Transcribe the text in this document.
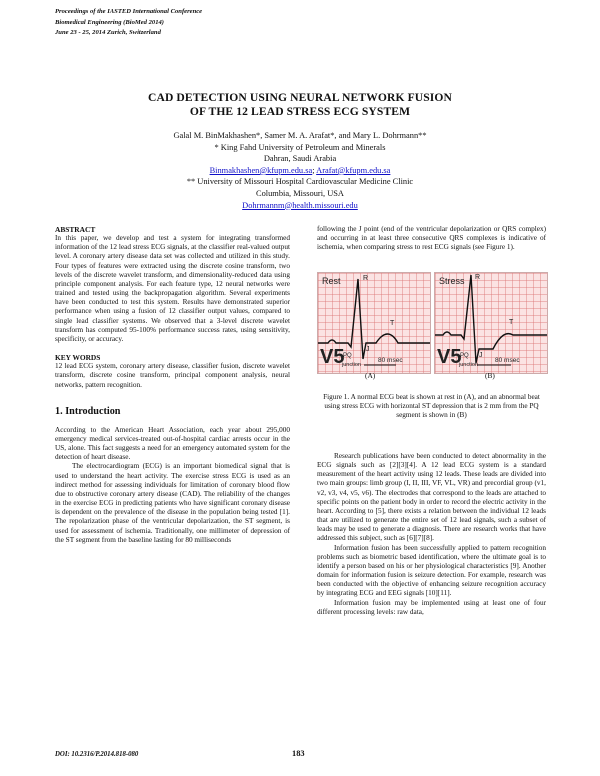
Proceedings of the IASTED International Conference
Biomedical Engineering (BioMed 2014)
June 23 - 25, 2014 Zurich, Switzerland
CAD DETECTION USING NEURAL NETWORK FUSION
OF THE 12 LEAD STRESS ECG SYSTEM
Galal M. BinMakhashen*, Samer M. A. Arafat*, and Mary L. Dohrmann**
* King Fahd University of Petroleum and Minerals
Dahran, Saudi Arabia
Binmakhashen@kfupm.edu.sa; Arafat@kfupm.edu.sa
** University of Missouri Hospital Cardiovascular Medicine Clinic
Columbia, Missouri, USA
Dohrmannm@health.missouri.edu

ABSTRACT

In this paper, we develop and test a system for integrating transformed information of the 12 lead stress ECG signals, at the classifier real-valued output level. A coronary artery disease data set was collected and utilized in this study. Four types of features were extracted using the discrete cosine transform, two levels of the discrete wavelet transform, and dimensionality-reduced data using principle component analysis. For each feature type, 12 neural networks were trained and tested using the backpropagation algorithm. Several experiments have been conducted to test this system. Results have demonstrated superior performance when using a fusion of 12 classifier output values, compared to single lead classifier systems. We observed that a 3-level discrete wavelet transform has computed 95-100% performance success rates, using sensitivity, specificity, or accuracy.

KEY WORDS

12 lead ECG system, coronary artery disease, classifier fusion, discrete wavelet transform, discrete cosine transform, principal component analysis, neural networks, pattern recognition.

1. Introduction

According to the American Heart Association, each year about 295,000 emergency medical services-treated out-of-hospital cardiac arrests occur in the US, alone. This fact suggests a need for an emergency automated system for the detection of heart disease.

The electrocardiogram (ECG) is an important biomedical signal that is used to understand the heart activity. The exercise stress ECG is used as an indirect method for assessing individuals for limitation of coronary blood flow due to obstructive coronary artery disease (CAD). The reliability of the changes in the exercise ECG in predicting patients who have significant coronary disease is dependent on the prevalence of the disease in the population being tested [1]. The repolarization phase of the ventricular depolarization, the ST segment, is used for assessment of ischemia. Traditionally, one millimeter of depression of the ST segment from the baseline lasting for 80 milliseconds

following the J point (end of the ventricular depolarization or QRS complex) and occurring in at least three consecutive QRS complexes is indicative of ischemia, when comparing stress to rest ECG signals (see Figure 1).

Rest
V5
PQ
junction
R
T
J
80 msec
Stress
V5
PQ
junction
R
T
J
80 msec
(A)	(B)
Figure 1. A normal ECG beat is shown at rest in (A), and an abnormal beat using stress ECG with horizontal ST depression that is 2 mm from the PQ segment is shown in (B)

Research publications have been conducted to detect abnormality in the ECG signals such as [2][3][4]. A 12 lead ECG system is a standard measurement of the heart activity using 12 leads. These leads are divided into two main groups: limb group (I, II, III, VF, VL, VR) and precordial group (v1, v2, v3, v4, v5, v6). The electrodes that correspond to the leads are attached to specific points on the patient body in order to record the electric activity in the heart. According to [5], there exists a relation between the individual 12 leads that are utilized to generate the entire set of 12 lead signals, such a subset of leads may be used to generate a diagnosis. There are research works that have addressed this subject, such as [6][7][8].

Information fusion has been successfully applied to pattern recognition problems such as biometric based identification, where the ultimate goal is to identify a person based on his or her physiological characteristics [9]. Another domain for information fusion is seizure detection. For example, research was been conducted with the objective of enhancing seizure recognition accuracy by integrating ECG and EEG signals [10][11].

Information fusion may be implemented using at least one of four different processing levels: raw data,

DOI: 10.2316/P.2014.818-080	183
